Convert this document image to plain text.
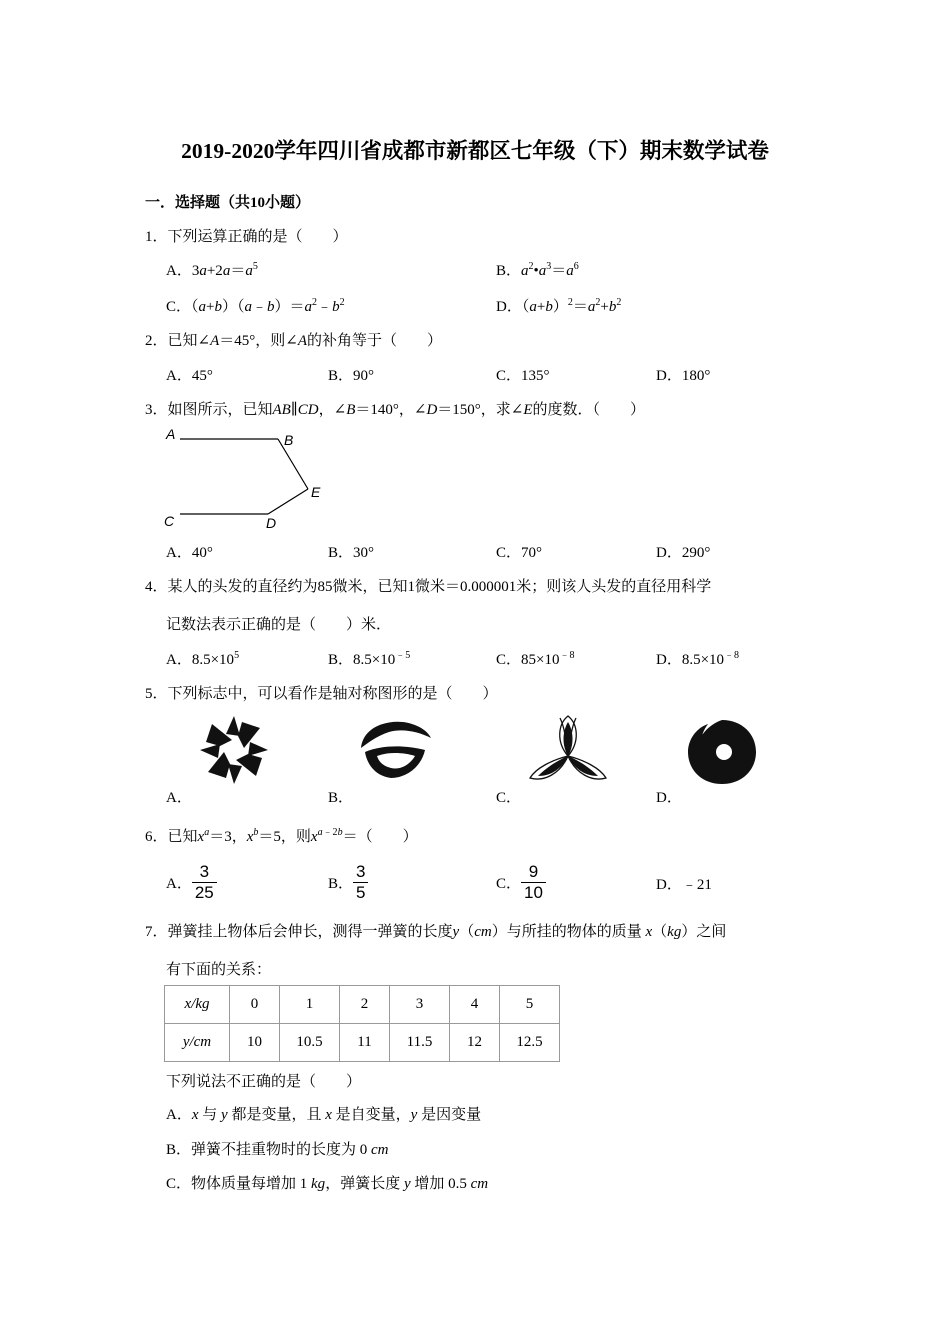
2019-2020学年四川省成都市新都区七年级（下）期末数学试卷
一．选择题（共10小题）
1．下列运算正确的是（　　）
A．$3a+2a=a^5$	B．$a^2•a^3=a^6$
C．$(a+b)(a﹣b)=a^2﹣b^2$	D．$(a+b)^2=a^2+b^2$
2．已知∠A＝45°，则∠A的补角等于（　　）
A．45°	B．90°	C．135°	D．180°
3．如图所示，已知AB∥CD，∠B＝140°，∠D＝150°，求∠E的度数．（　　）
A	B
E
C	D
A．40°	B．30°	C．70°	D．290°
4．某人的头发的直径约为85微米，已知1微米＝0.000001米；则该人头发的直径用科学
记数法表示正确的是（　　）米．
A．$8.5\times 10^5$	B．$8.5\times 10^{﹣5}$	C．$85\times 10^{﹣8}$	D．$8.5\times 10^{﹣8}$
5．下列标志中，可以看作是轴对称图形的是（　　）
A．	B．	C．	D．
6．已知$x^a=3$，$x^b=5$，则$x^{a﹣2b}=$（　　）
A． $\frac{3}{25}$	B． $\frac{3}{5}$	C． $\frac{9}{10}$	D．﹣21
7．弹簧挂上物体后会伸长，测得一弹簧的长度y（cm）与所挂的物体的质量 x（kg）之间
有下面的关系：
x/kg	0	1	2	3	4	5
y/cm	10	10.5	11	11.5	12	12.5
下列说法不正确的是（　　）
A．x 与 y 都是变量，且 x 是自变量，y 是因变量
B．弹簧不挂重物时的长度为 0 cm
C．物体质量每增加 1 kg，弹簧长度 y 增加 0.5 cm
